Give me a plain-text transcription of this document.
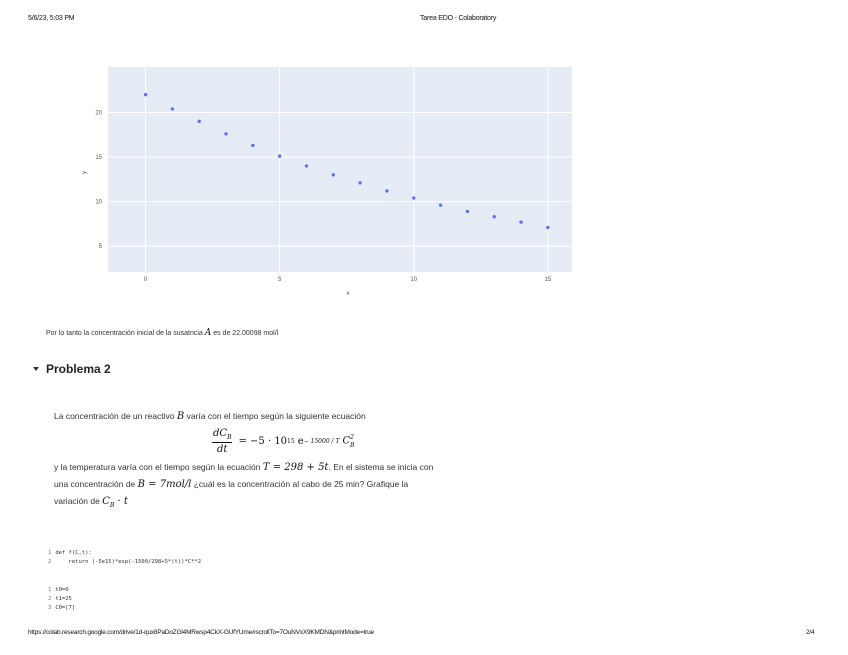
5/6/23, 5:03 PM	Tarea EDO - Colaboratory
0	5	10	15
5
10
15
20
x
y
Por lo tanto la concentración inicial de la susatncia A es de 22.00098 mol/l
Problema 2

La concentración de un reactivo B varía con el tiempo según la siguiente ecuación

y la temperatura varía con el tiempo según la ecuación T = 298 + 5t. En el sistema se inicia con

una concentración de B = 7mol/l ¿cuál es la concentración al cabo de 25 min? Grafique la

variación de $C_B \cdot t$

$\frac{dC_B}{dt} = -5 \cdot 10$ 15 e − 15000 / T $C^2_B$
1 def f(C,t):
2    return (-5e15)*exp(-1500/298+5*(t))*C**2
1 t0=0
2 t1=25
3 C0=[7]
https://colab.research.google.com/drive/1d-qux8PaDoZGl4MRwsp4CkX-GUfYUme#scrollTo=7OuNVxX9KMDN&printMode=true	2/4
